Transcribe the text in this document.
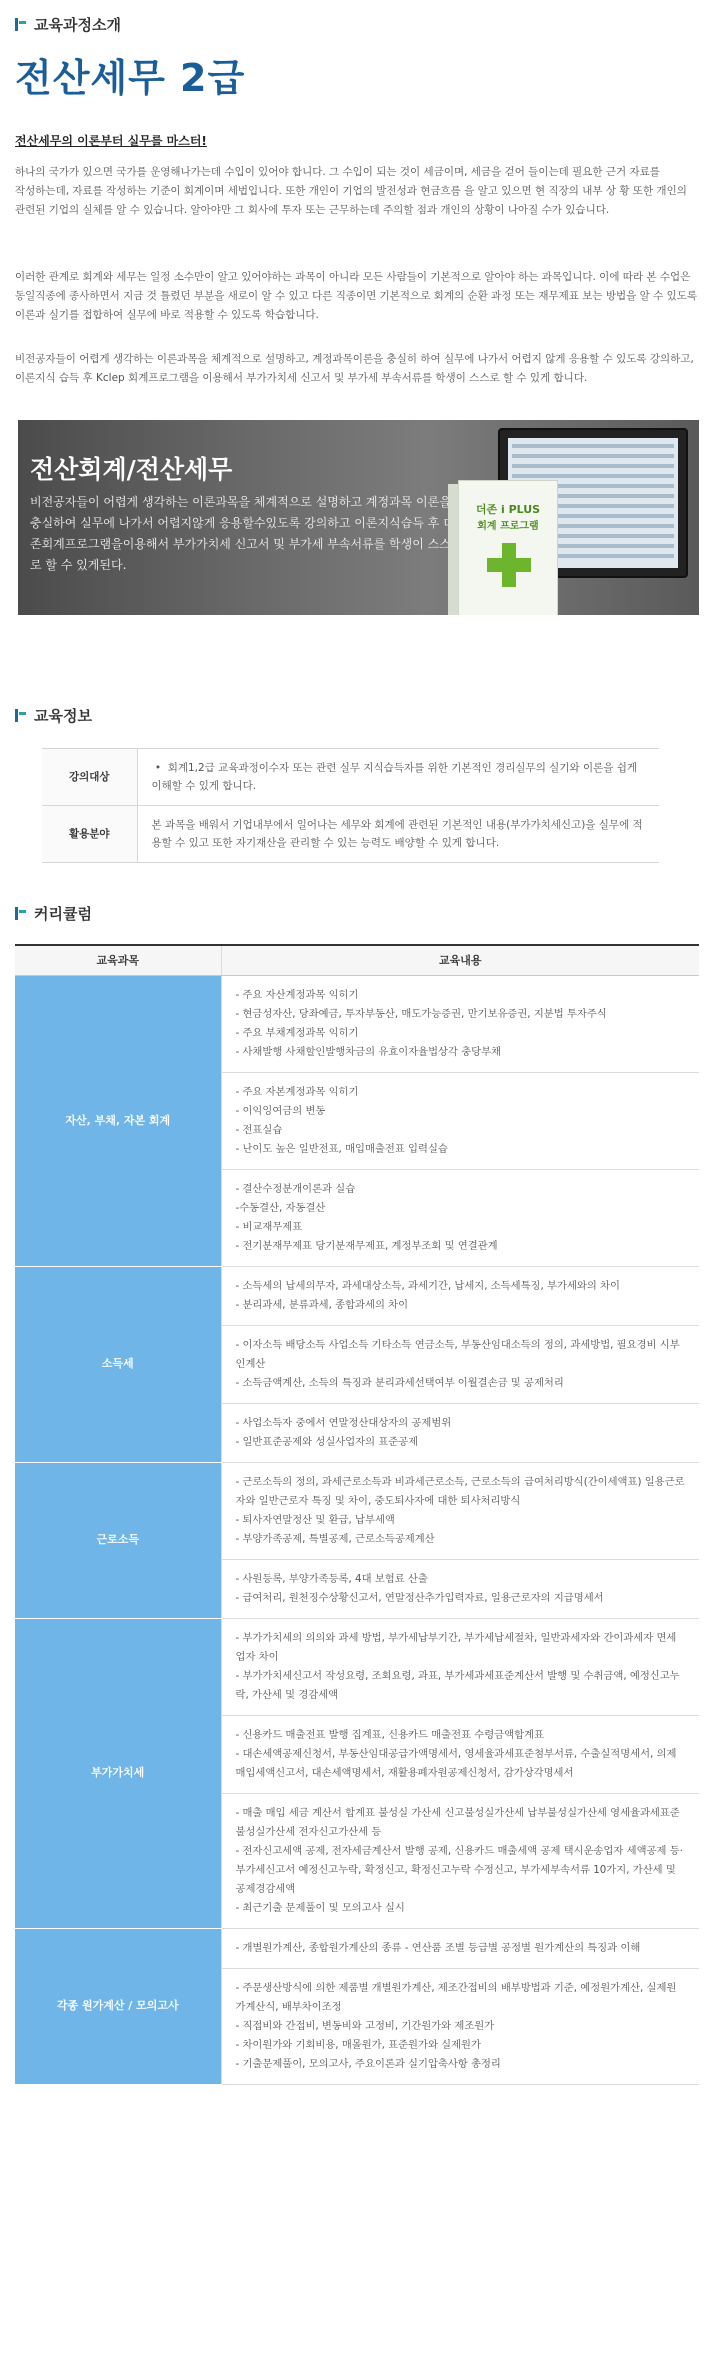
교육과정소개
전산세무 2급
전산세무의 이론부터 실무를 마스터!
하나의 국가가 있으면 국가를 운영해나가는데 수입이 있어야 합니다. 그 수입이 되는 것이 세금이며, 세금을 걷어 들이는데 필요한 근거 자료를 작성하는데, 자료를 작성하는 기준이 회계이며 세법입니다. 또한 개인이 기업의 발전성과 현금흐름 을 알고 있으면 현 직장의 내부 상 황 또한 개인의 관련된 기업의 실체를 알 수 있습니다. 알아야만 그 회사에 투자 또는 근무하는데 주의할 점과 개인의 상황이 나아질 수가 있습니다.
이러한 관계로 회계와 세무는 일정 소수만이 알고 있어야하는 과목이 아니라 모든 사람들이 기본적으로 알아야 하는 과목입니다. 이에 따라 본 수업은 동일직종에 종사하면서 지금 것 틀렸던 부분을 새로이 알 수 있고 다른 직종이면 기본적으로 회계의 순환 과정 또는 재무제표 보는 방법을 알 수 있도록 이론과 실기를 접합하여 실무에 바로 적용할 수 있도록 학습합니다.
비전공자들이 어렵게 생각하는 이론과목을 체계적으로 설명하고, 계정과목이론을 충실히 하여 실무에 나가서 어렵지 않게 응용할 수 있도록 강의하고, 이론지식 습득 후 Kclep 회계프로그램을 이용해서 부가가치세 신고서 및 부가세 부속서류를 학생이 스스로 할 수 있게 합니다.
전산회계/전산세무
비전공자들이 어렵게 생각하는 이론과목을 체계적으로 설명하고 계정과목 이론을 충실하여 실무에 나가서 어렵지않게 응용할수있도록 강의하고 이론지식습득 후 더존회계프로그램을이용해서 부가가치세 신고서 및 부가세 부속서류를 학생이 스스로 할 수 있게된다.
더존 i PLUS
회계 프로그램
교육정보
강의대상	•  회계1,2급 교육과정이수자 또는 관련 실무 지식습득자를 위한 기본적인 경리실무의 실기와 이론을 쉽게 이해할 수 있게 합니다.
활용분야	본 과목을 배워서 기업내부에서 일어나는 세무와 회계에 관련된 기본적인 내용(부가가치세신고)을 실무에 적용할 수 있고 또한 자기재산을 관리할 수 있는 능력도 배양할 수 있게 합니다.
커리큘럼
교육과목	교육내용
자산, 부채, 자본 회계	- 주요 자산계정과목 익히기
- 현금성자산, 당좌예금, 투자부동산, 매도가능증권, 만기보유증권, 지분법 투자주식
- 주요 부채계정과목 익히기
- 사채발행 사채할인발행차금의 유효이자율법상각 충당부채

	- 주요 자본계정과목 익히기
- 이익잉여금의 변동
- 전표실습
- 난이도 높은 일반전표, 매입매출전표 입력실습

	- 결산수정분개이론과 실습
-수동결산, 자동결산
- 비교재무제표
- 전기분재무제표 당기분재무제표, 계정부조회 및 연결관계

소득세	- 소득세의 납세의무자, 과세대상소득, 과세기간, 납세지, 소득세특징, 부가세와의 차이
- 분리과세, 분류과세, 종합과세의 차이

	- 이자소득 배당소득 사업소득 기타소득 연금소득, 부동산임대소득의 정의, 과세방법, 필요경비 시부인계산
- 소득금액계산, 소득의 특징과 분리과세선택여부 이월결손금 및 공제처리

	- 사업소득자 중에서 연말정산대상자의 공제범위
- 일반표준공제와 성실사업자의 표준공제

근로소득	- 근로소득의 정의, 과세근로소득과 비과세근로소득, 근로소득의 급여처리방식(간이세액표) 일용근로자와 일반근로자 특징 및 차이, 중도퇴사자에 대한 퇴사처리방식
- 퇴사자연말정산 및 환급, 납부세액
- 부양가족공제, 특별공제, 근로소득공제계산

	- 사원등록, 부양가족등록, 4대 보험료 산출
- 급여처리, 원천징수상황신고서, 연말정산추가입력자료, 일용근로자의 지급명세서

부가가치세	- 부가가치세의 의의와 과세 방법, 부가세납부기간, 부가세납세절차, 일반과세자와 간이과세자 면세업자 차이
- 부가가치세신고서 작성요령, 조회요령, 과표, 부가세과세표준계산서 발행 및 수취금액, 예정신고누락, 가산세 및 경감세액

	- 신용카드 매출전표 발행 집계표, 신용카드 매출전표 수령금액합계표
- 대손세액공제신청서, 부동산임대공급가액명세서, 영세율과세표준첨부서류, 수출실적명세서, 의제매입세액신고서, 대손세액명세서, 재활용폐자원공제신청서, 감가상각명세서

	- 매출 매입 세금 계산서 합계표 불성실 가산세 신고불성실가산세 납부불성실가산세 영세율과세표준 불성실가산세 전자신고가산세 등
- 전자신고세액 공제, 전자세금계산서 발행 공제, 신용카드 매출세액 공제 택시운송업자 세액공제 등· 부가세신고서 예정신고누락, 확정신고, 확정신고누락 수정신고, 부가세부속서류 10가지, 가산세 및 공제경감세액
- 최근기출 문제풀이 및 모의고사 실시

각종 원가계산 / 모의고사	- 개별원가계산, 종합원가계산의 종류 - 연산품 조별 등급별 공정별 원가계산의 특징과 이해

	- 주문생산방식에 의한 제품별 개별원가계산, 제조간접비의 배부방법과 기준, 예정원가계산, 실제원가계산식, 배부차이조정
- 직접비와 간접비, 변동비와 고정비, 기간원가와 제조원가
- 차이원가와 기회비용, 매몰원가, 표준원가와 실제원가
- 기출문제풀이, 모의고사, 주요이론과 실기압축사항 총정리
